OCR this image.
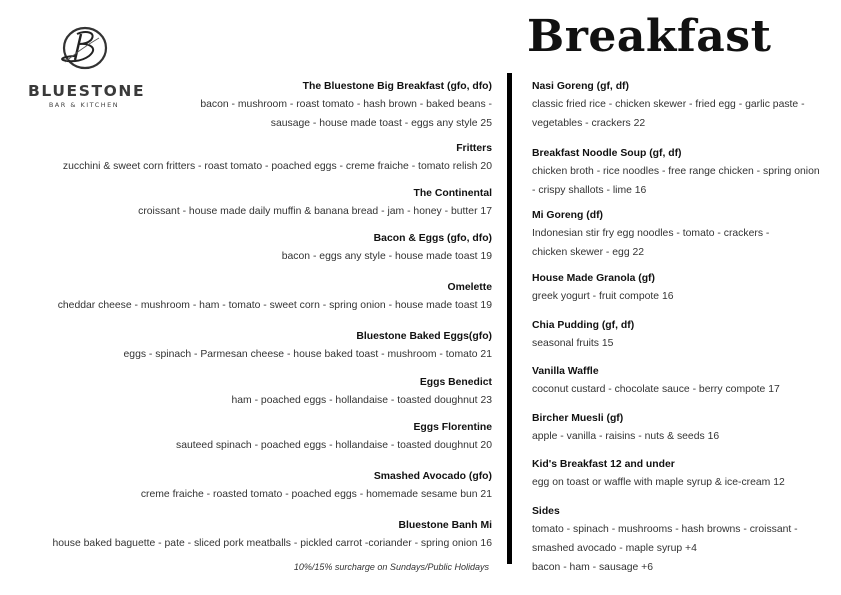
BLUESTONE
BAR & KITCHEN
Breakfast
The Bluestone Big Breakfast (gfo, dfo)
bacon - mushroom - roast tomato - hash brown - baked beans -
sausage - house made toast - eggs any style 25
Fritters
zucchini & sweet corn fritters - roast tomato - poached eggs - creme fraiche - tomato relish 20
The Continental
croissant - house made daily muffin & banana bread - jam - honey - butter 17
Bacon & Eggs (gfo, dfo)
bacon - eggs any style - house made toast 19
Omelette
cheddar cheese - mushroom - ham - tomato - sweet corn - spring onion - house made toast 19
Bluestone Baked Eggs(gfo)
eggs - spinach - Parmesan cheese - house baked toast - mushroom - tomato 21
Eggs Benedict
ham - poached eggs - hollandaise - toasted doughnut 23
Eggs Florentine
sauteed spinach - poached eggs - hollandaise - toasted doughnut 20
Smashed Avocado (gfo)
creme fraiche - roasted tomato - poached eggs - homemade sesame bun 21
Bluestone Banh Mi
house baked baguette - pate - sliced pork meatballs - pickled carrot -coriander - spring onion 16
10%/15% surcharge on Sundays/Public Holidays
Nasi Goreng (gf, df)
classic fried rice - chicken skewer - fried egg - garlic paste -
vegetables - crackers 22
Breakfast Noodle Soup (gf, df)
chicken broth - rice noodles - free range chicken - spring onion
- crispy shallots - lime 16
Mi Goreng (df)
Indonesian stir fry egg noodles - tomato - crackers -
chicken skewer - egg 22
House Made Granola (gf)
greek yogurt - fruit compote 16
Chia Pudding (gf, df)
seasonal fruits 15
Vanilla Waffle
coconut custard - chocolate sauce - berry compote 17
Bircher Muesli (gf)
apple - vanilla - raisins - nuts & seeds 16
Kid's Breakfast 12 and under
egg on toast or waffle with maple syrup & ice-cream 12
Sides
tomato - spinach - mushrooms - hash browns - croissant -
smashed avocado - maple syrup +4
bacon - ham - sausage +6
